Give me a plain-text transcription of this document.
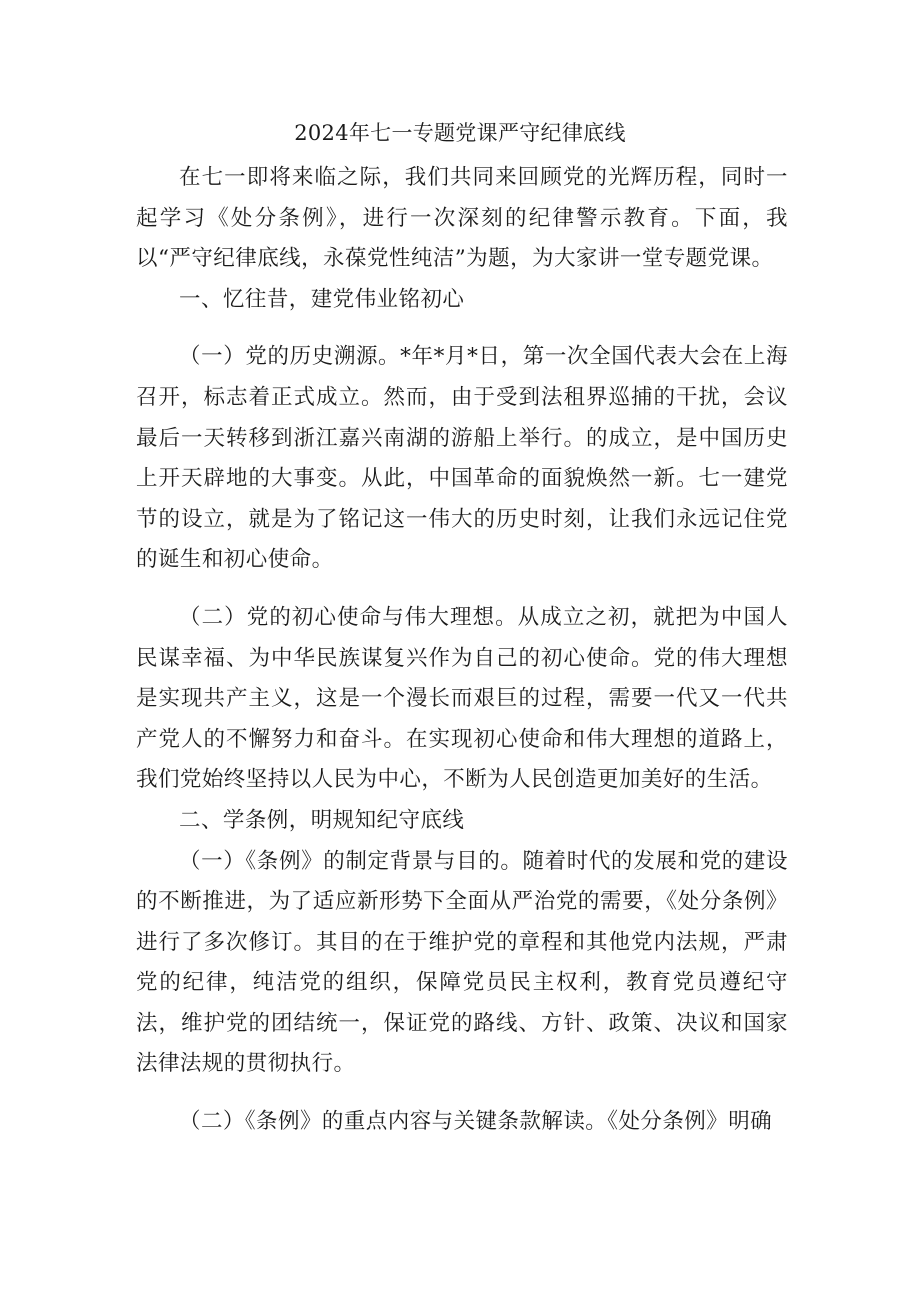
2024年七一专题党课严守纪律底线

在七一即将来临之际，我们共同来回顾党的光辉历程，同时一起学习《处分条例》，进行一次深刻的纪律警示教育。下面，我以“严守纪律底线，永葆党性纯洁”为题，为大家讲一堂专题党课。

一、忆往昔，建党伟业铭初心

（一）党的历史溯源。*年*月*日，第一次全国代表大会在上海召开，标志着正式成立。然而，由于受到法租界巡捕的干扰，会议最后一天转移到浙江嘉兴南湖的游船上举行。的成立，是中国历史上开天辟地的大事变。从此，中国革命的面貌焕然一新。七一建党节的设立，就是为了铭记这一伟大的历史时刻，让我们永远记住党的诞生和初心使命。

（二）党的初心使命与伟大理想。从成立之初，就把为中国人民谋幸福、为中华民族谋复兴作为自己的初心使命。党的伟大理想是实现共产主义，这是一个漫长而艰巨的过程，需要一代又一代共产党人的不懈努力和奋斗。在实现初心使命和伟大理想的道路上，我们党始终坚持以人民为中心，不断为人民创造更加美好的生活。

二、学条例，明规知纪守底线

（一）《条例》的制定背景与目的。随着时代的发展和党的建设的不断推进，为了适应新形势下全面从严治党的需要，《处分条例》进行了多次修订。其目的在于维护党的章程和其他党内法规，严肃党的纪律，纯洁党的组织，保障党员民主权利，教育党员遵纪守法，维护党的团结统一，保证党的路线、方针、政策、决议和国家法律法规的贯彻执行。

（二）《条例》的重点内容与关键条款解读。《处分条例》明确
